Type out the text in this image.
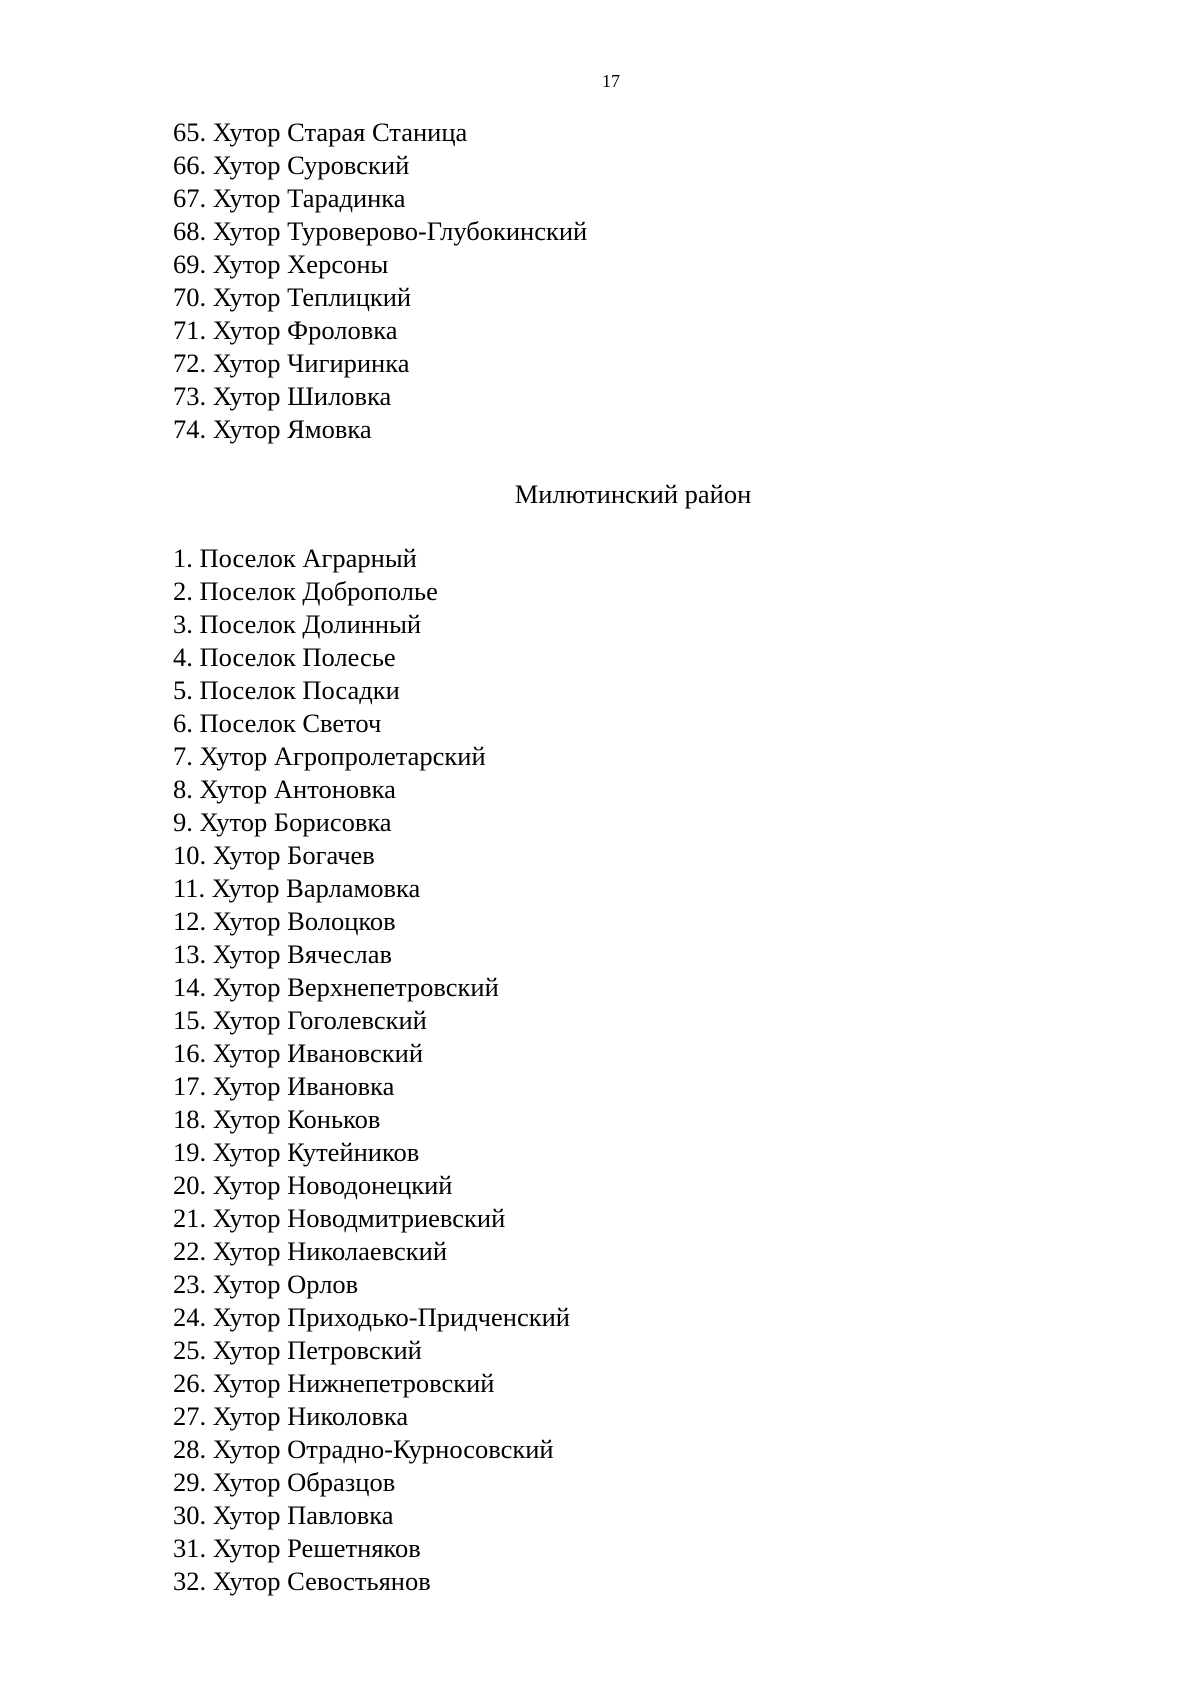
17
65. Хутор Старая Станица
66. Хутор Суровский
67. Хутор Тарадинка
68. Хутор Туроверово-Глубокинский
69. Хутор Херсоны
70. Хутор Теплицкий
71. Хутор Фроловка
72. Хутор Чигиринка
73. Хутор Шиловка
74. Хутор Ямовка
Милютинский район
1. Поселок Аграрный
2. Поселок Доброполье
3. Поселок Долинный
4. Поселок Полесье
5. Поселок Посадки
6. Поселок Светоч
7. Хутор Агропролетарский
8. Хутор Антоновка
9. Хутор Борисовка
10. Хутор Богачев
11. Хутор Варламовка
12. Хутор Волоцков
13. Хутор Вячеслав
14. Хутор Верхнепетровский
15. Хутор Гоголевский
16. Хутор Ивановский
17. Хутор Ивановка
18. Хутор Коньков
19. Хутор Кутейников
20. Хутор Новодонецкий
21. Хутор Новодмитриевский
22. Хутор Николаевский
23. Хутор Орлов
24. Хутор Приходько-Придченский
25. Хутор Петровский
26. Хутор Нижнепетровский
27. Хутор Николовка
28. Хутор Отрадно-Курносовский
29. Хутор Образцов
30. Хутор Павловка
31. Хутор Решетняков
32. Хутор Севостьянов
